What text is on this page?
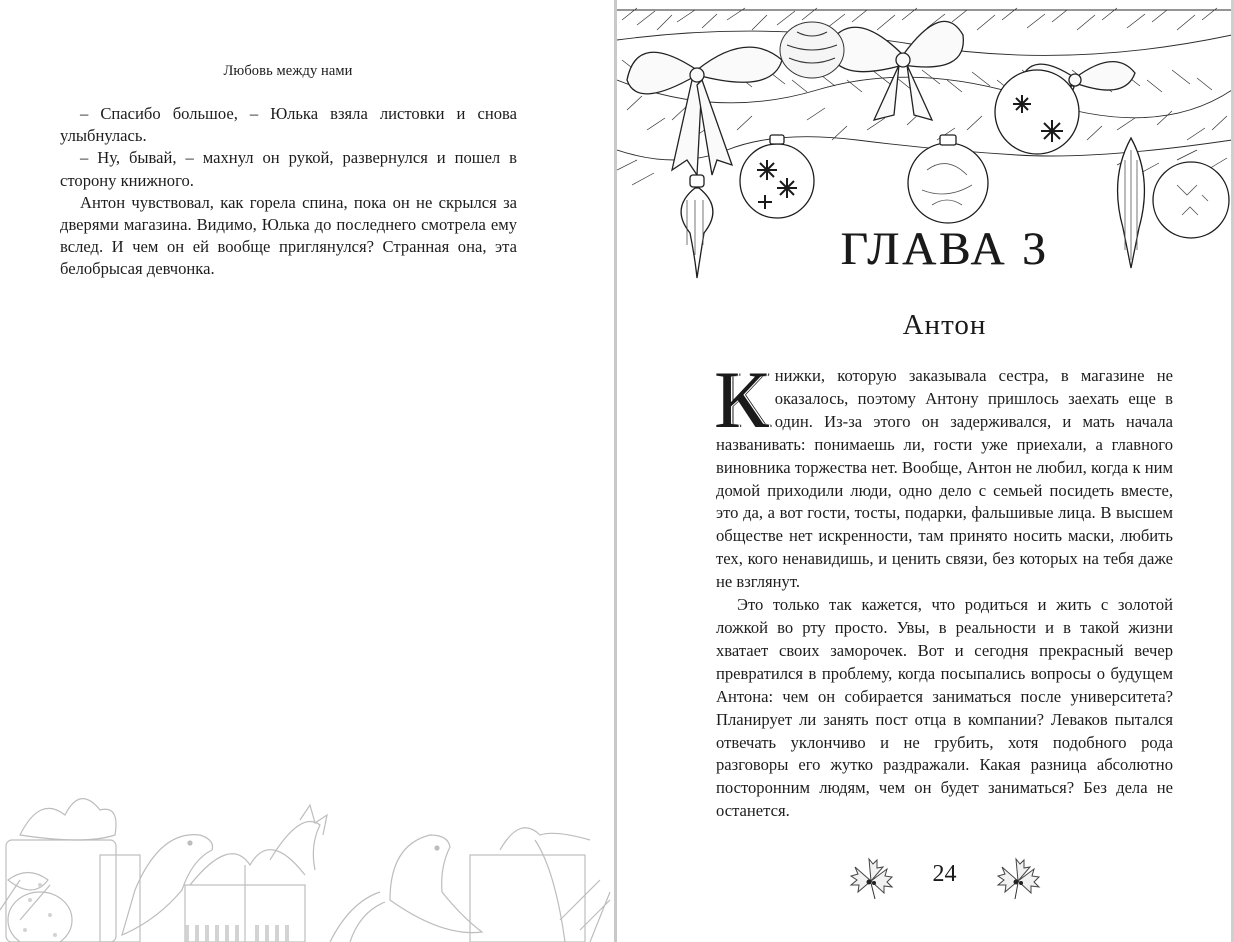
Любовь между нами

– Спасибо большое, – Юлька взяла листовки и снова улыбнулась.

– Ну, бывай, – махнул он рукой, развернулся и пошел в сторону книжного.

Антон чувствовал, как горела спина, пока он не скрылся за дверями магазина. Видимо, Юлька до последнего смотрела ему вслед. И чем он ей вообще приглянулся? Странная она, эта белобрысая девчонка.	ГЛАВА 3
Антон

Книжки, которую заказывала сестра, в магазине не оказалось, поэтому Антону пришлось заехать еще в один. Из-за этого он задерживался, и мать начала названивать: понимаешь ли, гости уже приехали, а главного виновника торжества нет. Вообще, Антон не любил, когда к ним домой приходили люди, одно дело с семьей посидеть вместе, это да, а вот гости, тосты, подарки, фальшивые лица. В высшем обществе нет искренности, там принято носить маски, любить тех, кого ненавидишь, и ценить связи, без которых на тебя даже не взглянут.

Это только так кажется, что родиться и жить с золотой ложкой во рту просто. Увы, в реальности и в такой жизни хватает своих заморочек. Вот и сегодня прекрасный вечер превратился в проблему, когда посыпались вопросы о будущем Антона: чем он собирается заниматься после университета? Планирует ли занять пост отца в компании? Леваков пытался отвечать уклончиво и не грубить, хотя подобного рода разговоры его жутко раздражали. Какая разница абсолютно посторонним людям, чем он будет заниматься? Без дела не останется.

24
